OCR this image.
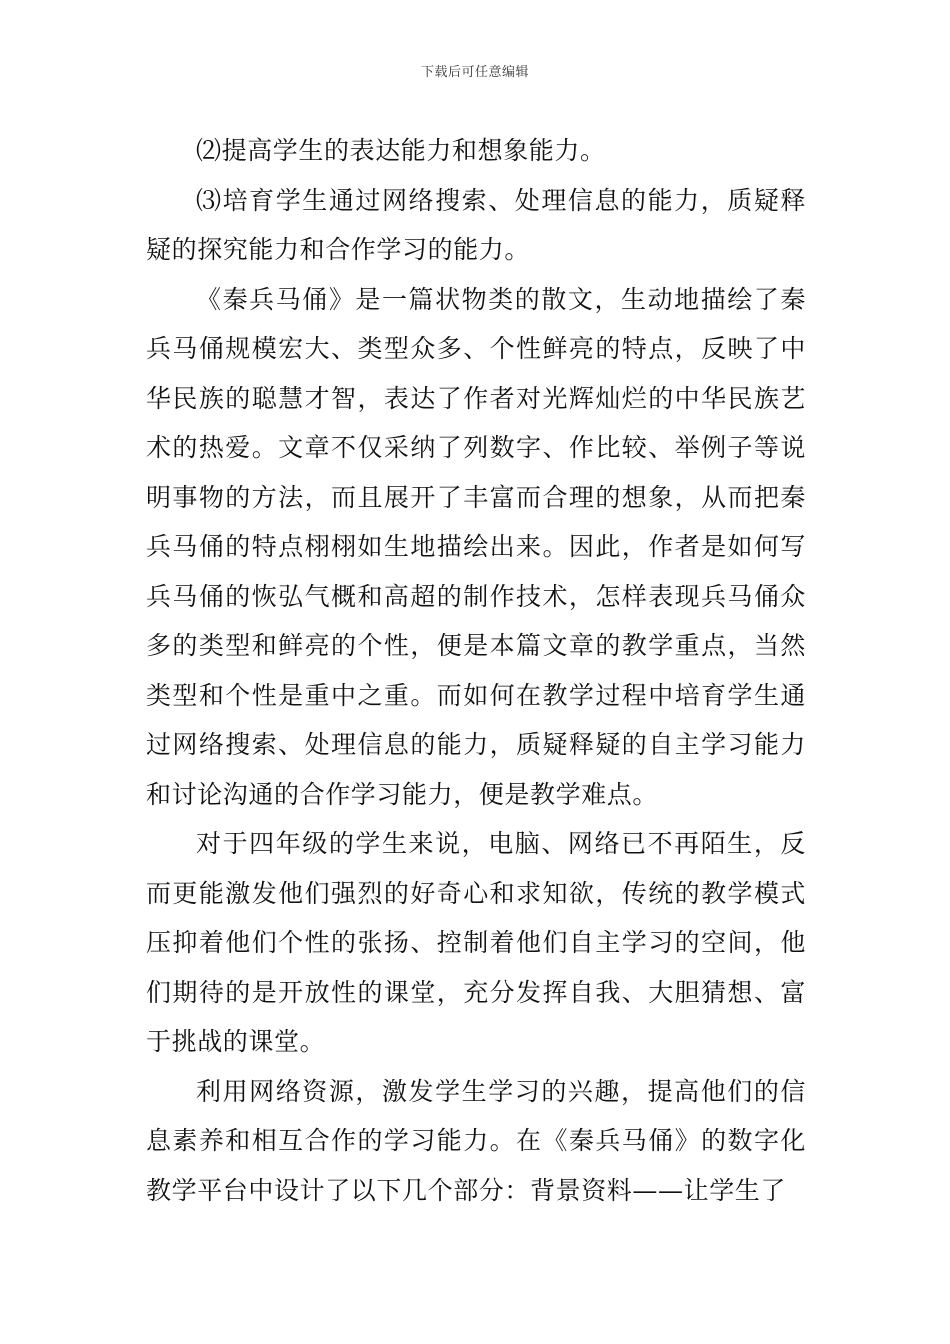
下载后可任意编辑

⑵提高学生的表达能力和想象能力。

⑶培育学生通过网络搜索、处理信息的能力，质疑释疑的探究能力和合作学习的能力。

《秦兵马俑》是一篇状物类的散文，生动地描绘了秦兵马俑规模宏大、类型众多、个性鲜亮的特点，反映了中华民族的聪慧才智，表达了作者对光辉灿烂的中华民族艺术的热爱。文章不仅采纳了列数字、作比较、举例子等说明事物的方法，而且展开了丰富而合理的想象，从而把秦兵马俑的特点栩栩如生地描绘出来。因此，作者是如何写兵马俑的恢弘气概和高超的制作技术，怎样表现兵马俑众多的类型和鲜亮的个性，便是本篇文章的教学重点，当然类型和个性是重中之重。而如何在教学过程中培育学生通过网络搜索、处理信息的能力，质疑释疑的自主学习能力和讨论沟通的合作学习能力，便是教学难点。

对于四年级的学生来说，电脑、网络已不再陌生，反而更能激发他们强烈的好奇心和求知欲，传统的教学模式压抑着他们个性的张扬、控制着他们自主学习的空间，他们期待的是开放性的课堂，充分发挥自我、大胆猜想、富于挑战的课堂。

利用网络资源，激发学生学习的兴趣，提高他们的信息素养和相互合作的学习能力。在《秦兵马俑》的数字化教学平台中设计了以下几个部分：背景资料——让学生了
